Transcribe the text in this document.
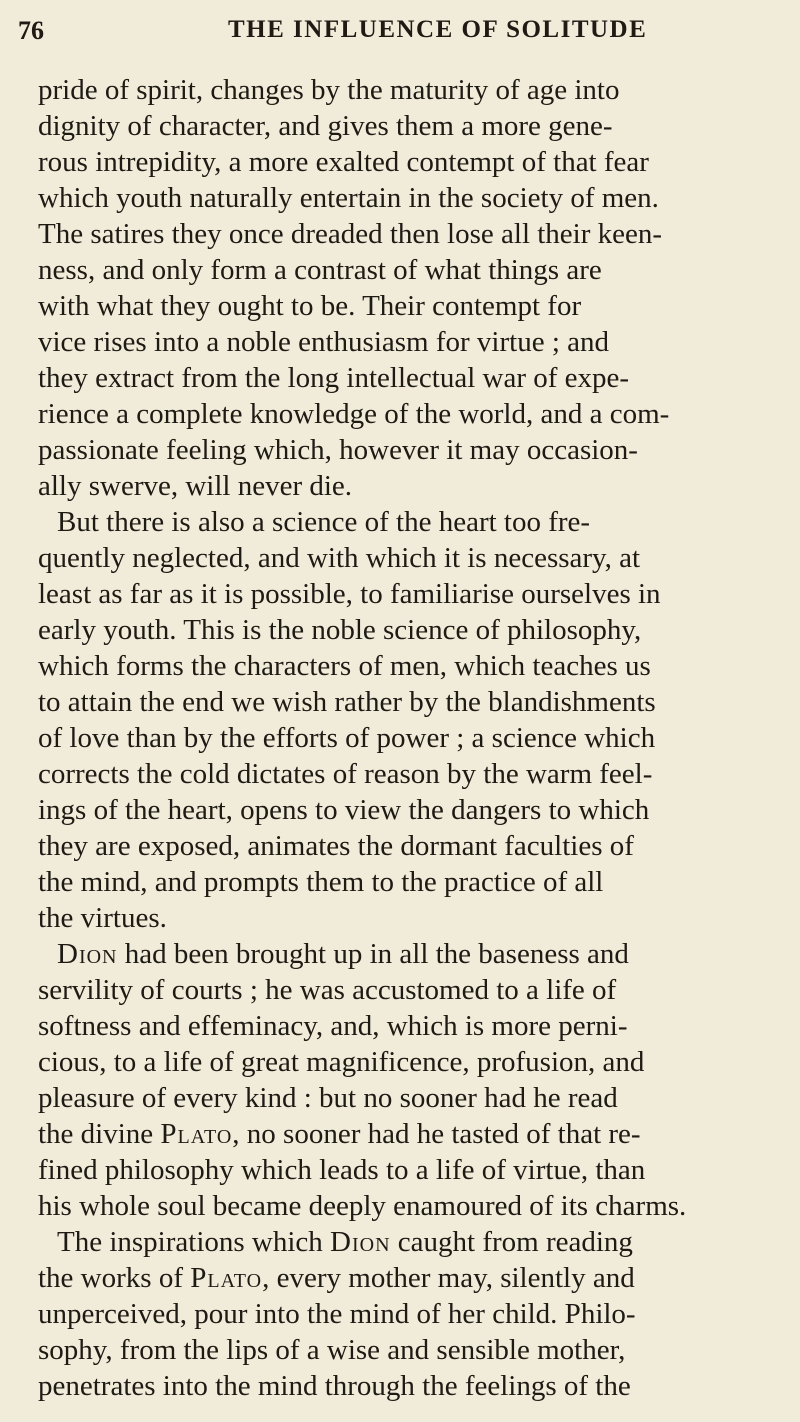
76	THE INFLUENCE OF SOLITUDE
pride of spirit, changes by the maturity of age into
dignity of character, and gives them a more gene-
rous intrepidity, a more exalted contempt of that fear
which youth naturally entertain in the society of men.
The satires they once dreaded then lose all their keen-
ness, and only form a contrast of what things are
with what they ought to be. Their contempt for
vice rises into a noble enthusiasm for virtue ; and
they extract from the long intellectual war of expe-
rience a complete knowledge of the world, and a com-
passionate feeling which, however it may occasion-
ally swerve, will never die.
But there is also a science of the heart too fre-
quently neglected, and with which it is necessary, at
least as far as it is possible, to familiarise ourselves in
early youth. This is the noble science of philosophy,
which forms the characters of men, which teaches us
to attain the end we wish rather by the blandishments
of love than by the efforts of power ; a science which
corrects the cold dictates of reason by the warm feel-
ings of the heart, opens to view the dangers to which
they are exposed, animates the dormant faculties of
the mind, and prompts them to the practice of all
the virtues.
Dion had been brought up in all the baseness and
servility of courts ; he was accustomed to a life of
softness and effeminacy, and, which is more perni-
cious, to a life of great magnificence, profusion, and
pleasure of every kind : but no sooner had he read
the divine Plato, no sooner had he tasted of that re-
fined philosophy which leads to a life of virtue, than
his whole soul became deeply enamoured of its charms.
The inspirations which Dion caught from reading
the works of Plato, every mother may, silently and
unperceived, pour into the mind of her child. Philo-
sophy, from the lips of a wise and sensible mother,
penetrates into the mind through the feelings of the
